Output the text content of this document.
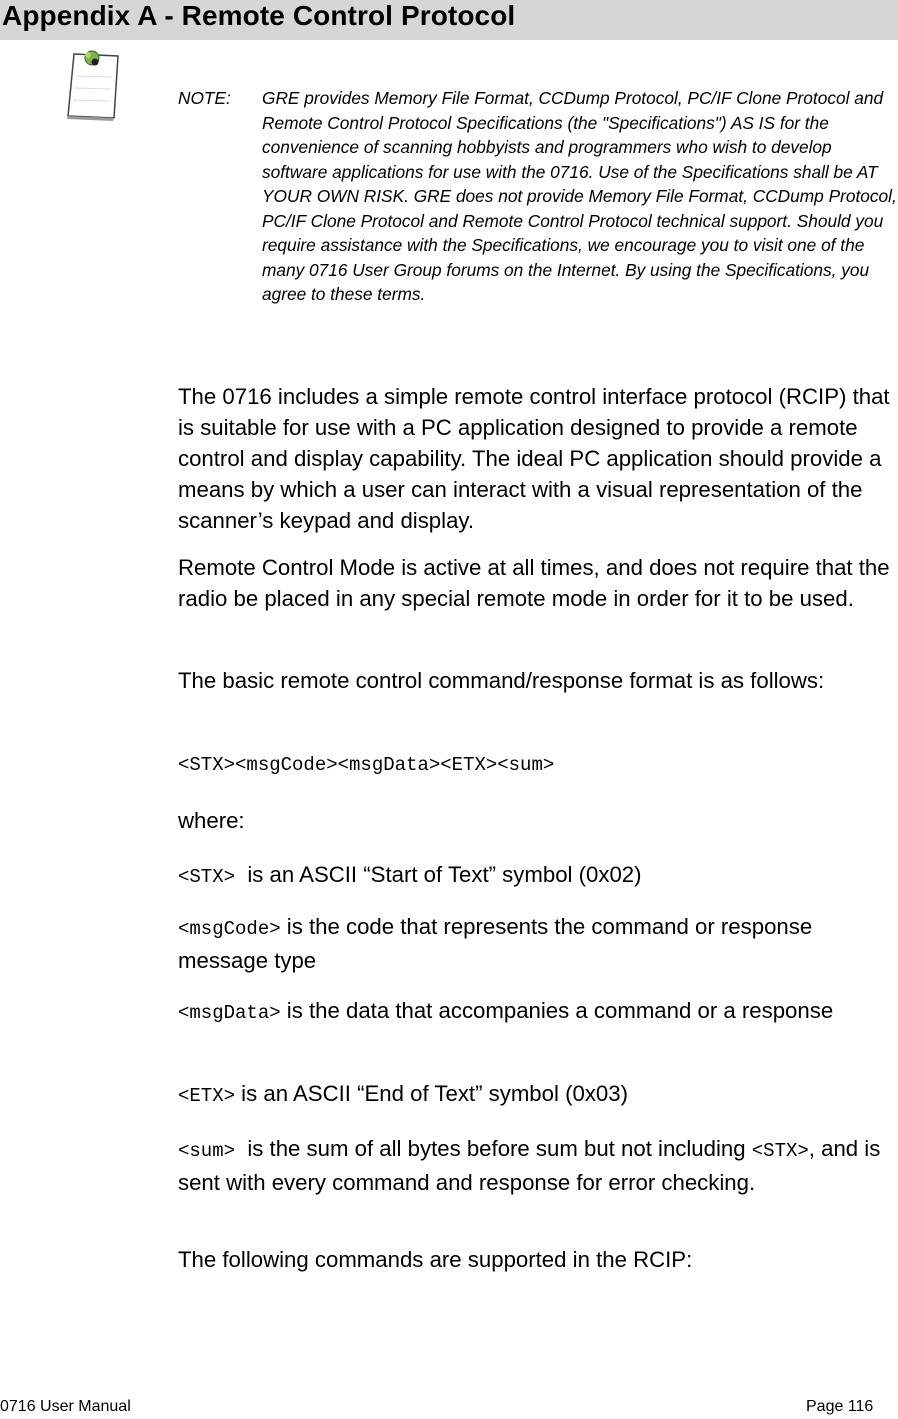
Appendix A - Remote Control Protocol
NOTE: GRE provides Memory File Format, CCDump Protocol, PC/IF Clone Protocol and Remote Control Protocol Specifications (the "Specifications") AS IS for the convenience of scanning hobbyists and programmers who wish to develop software applications for use with the 0716. Use of the Specifications shall be AT YOUR OWN RISK. GRE does not provide Memory File Format, CCDump Protocol, PC/IF Clone Protocol and Remote Control Protocol technical support. Should you require assistance with the Specifications, we encourage you to visit one of the many 0716 User Group forums on the Internet. By using the Specifications, you agree to these terms.
The 0716 includes a simple remote control interface protocol (RCIP) that is suitable for use with a PC application designed to provide a remote control and display capability. The ideal PC application should provide a means by which a user can interact with a visual representation of the scanner’s keypad and display.
Remote Control Mode is active at all times, and does not require that the radio be placed in any special remote mode in order for it to be used.
The basic remote control command/response format is as follows:
<STX><msgCode><msgData><ETX><sum>
where:
<STX>  is an ASCII “Start of Text” symbol (0x02)
<msgCode> is the code that represents the command or response message type
<msgData> is the data that accompanies a command or a response
<ETX> is an ASCII “End of Text” symbol (0x03)
<sum>  is the sum of all bytes before sum but not including <STX>, and is sent with every command and response for error checking.
The following commands are supported in the RCIP:
0716 User Manual	Page 116
